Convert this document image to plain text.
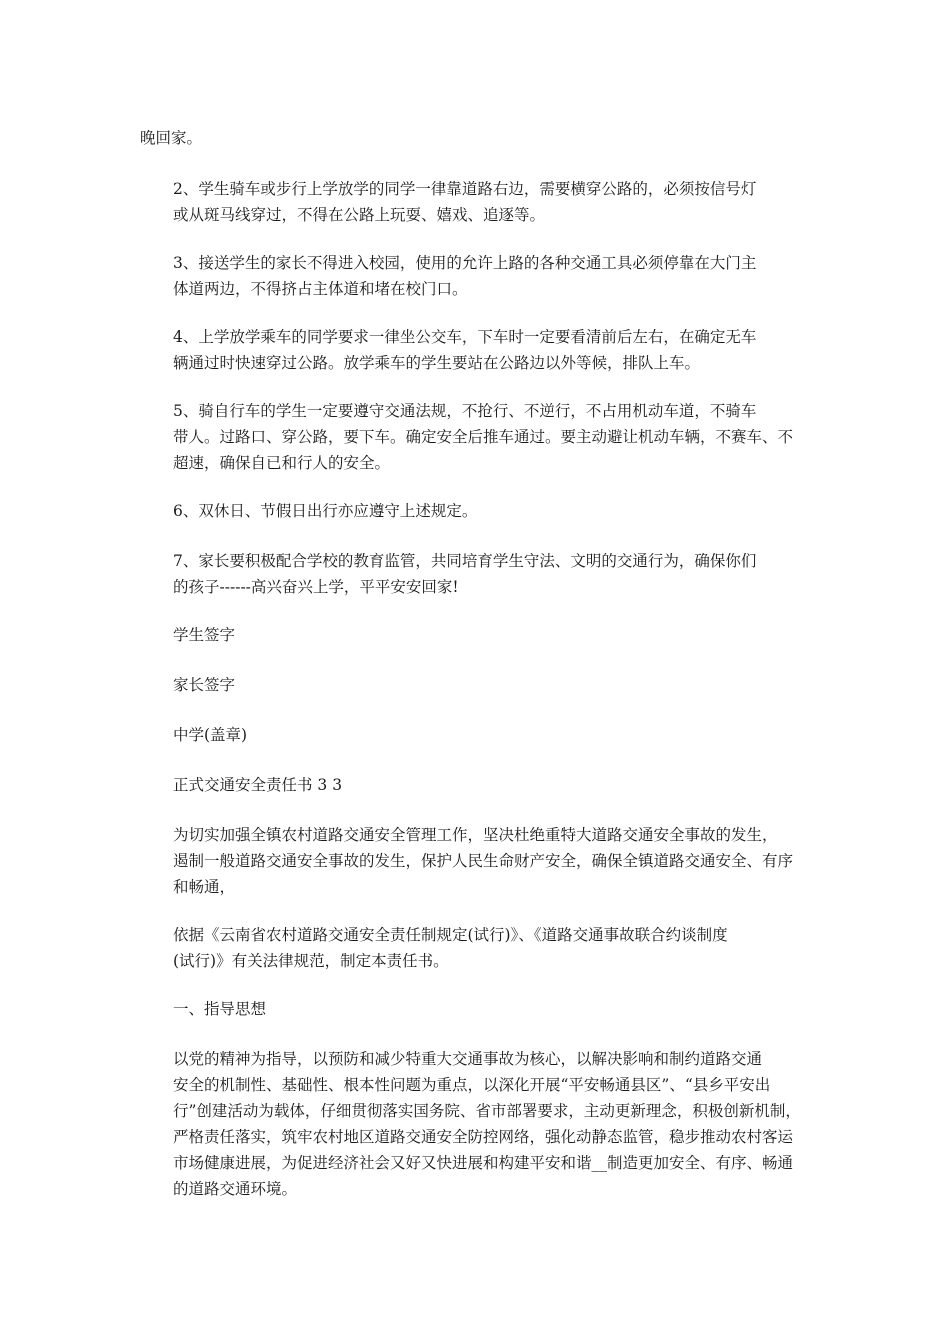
晚回家。

2、学生骑车或步行上学放学的同学一律靠道路右边，需要横穿公路的，必须按信号灯
或从斑马线穿过，不得在公路上玩耍、嬉戏、追逐等。

3、接送学生的家长不得进入校园，使用的允许上路的各种交通工具必须停靠在大门主
体道两边，不得挤占主体道和堵在校门口。

4、上学放学乘车的同学要求一律坐公交车，下车时一定要看清前后左右，在确定无车
辆通过时快速穿过公路。放学乘车的学生要站在公路边以外等候，排队上车。

5、骑自行车的学生一定要遵守交通法规，不抢行、不逆行，不占用机动车道，不骑车
带人。过路口、穿公路，要下车。确定安全后推车通过。要主动避让机动车辆，不赛车、不
超速，确保自已和行人的安全。

6、双休日、节假日出行亦应遵守上述规定。

7、家长要积极配合学校的教育监管，共同培育学生守法、文明的交通行为，确保你们
的孩子------高兴奋兴上学，平平安安回家!

学生签字

家长签字

中学(盖章)

正式交通安全责任书 3 3

为切实加强全镇农村道路交通安全管理工作，坚决杜绝重特大道路交通安全事故的发生，
遏制一般道路交通安全事故的发生，保护人民生命财产安全，确保全镇道路交通安全、有序
和畅通，

依据《云南省农村道路交通安全责任制规定(试行)》、《道路交通事故联合约谈制度
(试行)》有关法律规范，制定本责任书。

一、指导思想

以党的精神为指导，以预防和减少特重大交通事故为核心，以解决影响和制约道路交通
安全的机制性、基础性、根本性问题为重点，以深化开展“平安畅通县区”、“县乡平安出
行”创建活动为载体，仔细贯彻落实国务院、省市部署要求，主动更新理念，积极创新机制，
严格责任落实，筑牢农村地区道路交通安全防控网络，强化动静态监管，稳步推动农村客运
市场健康进展，为促进经济社会又好又快进展和构建平安和谐__制造更加安全、有序、畅通
的道路交通环境。
